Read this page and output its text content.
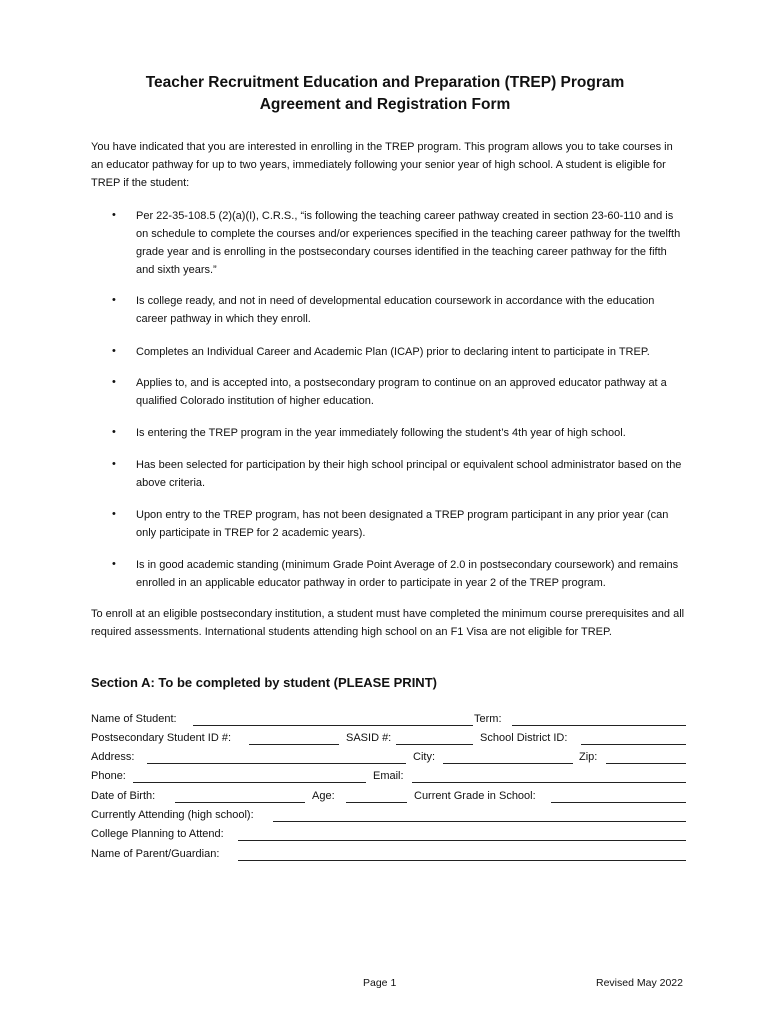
Teacher Recruitment Education and Preparation (TREP) Program
Agreement and Registration Form
You have indicated that you are interested in enrolling in the TREP program. This program allows you to take courses in an educator pathway for up to two years, immediately following your senior year of high school. A student is eligible for TREP if the student:
• Per 22-35-108.5 (2)(a)(I), C.R.S., “is following the teaching career pathway created in section 23-60-110 and is on schedule to complete the courses and/or experiences specified in the teaching career pathway for the twelfth grade year and is enrolling in the postsecondary courses identified in the teaching career pathway for the fifth and sixth years.”
• Is college ready, and not in need of developmental education coursework in accordance with the education career pathway in which they enroll.
• Completes an Individual Career and Academic Plan (ICAP) prior to declaring intent to participate in TREP.
• Applies to, and is accepted into, a postsecondary program to continue on an approved educator pathway at a qualified Colorado institution of higher education.
• Is entering the TREP program in the year immediately following the student’s 4th year of high school.
• Has been selected for participation by their high school principal or equivalent school administrator based on the above criteria.
• Upon entry to the TREP program, has not been designated a TREP program participant in any prior year (can only participate in TREP for 2 academic years).
• Is in good academic standing (minimum Grade Point Average of 2.0 in postsecondary coursework) and remains enrolled in an applicable educator pathway in order to participate in year 2 of the TREP program.
To enroll at an eligible postsecondary institution, a student must have completed the minimum course prerequisites and all required assessments. International students attending high school on an F1 Visa are not eligible for TREP.
Section A: To be completed by student (PLEASE PRINT)
Name of Student:	Term:
Postsecondary Student ID #:	SASID #:	School District ID:
Address:	City:	Zip:
Phone:	Email:
Date of Birth:	Age:	Current Grade in School:
Currently Attending (high school):
College Planning to Attend:
Name of Parent/Guardian:
Page 1	Revised May 2022
